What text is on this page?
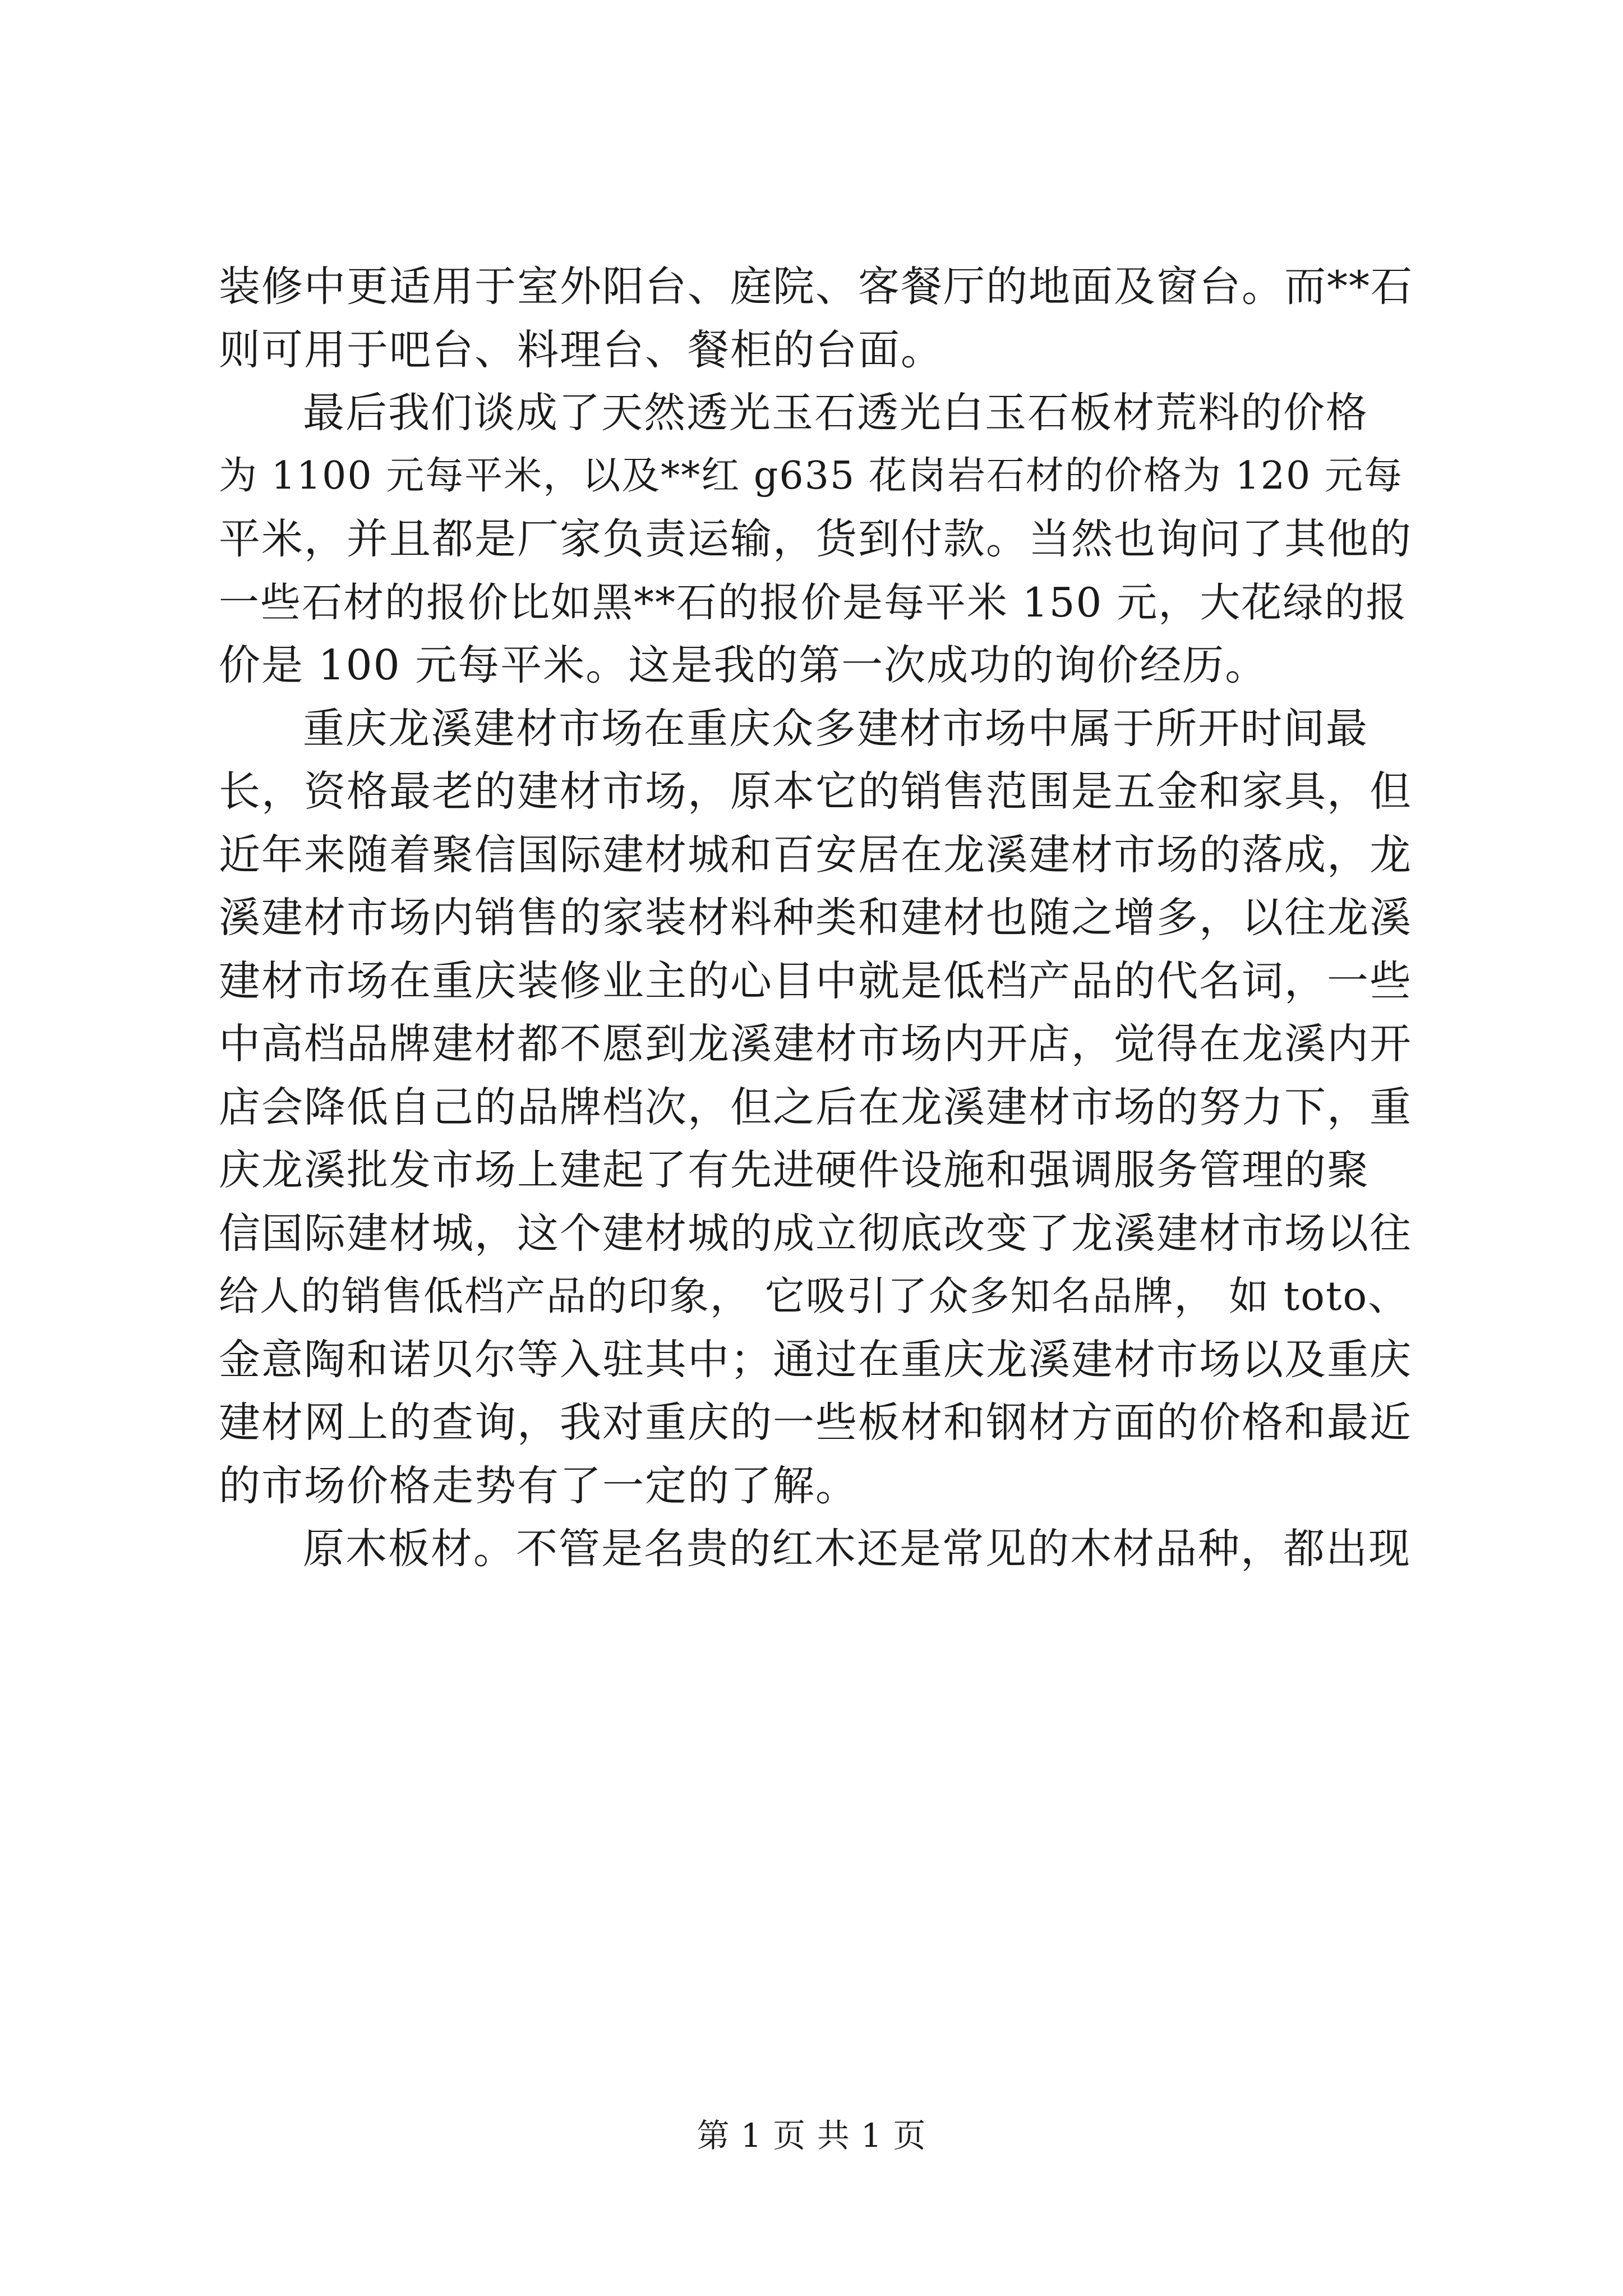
装修中更适用于室外阳台、庭院、客餐厅的地面及窗台。而**石
则可用于吧台、料理台、餐柜的台面。
最后我们谈成了天然透光玉石透光白玉石板材荒料的价格
为 1100 元每平米，以及**红 g635 花岗岩石材的价格为 120 元每
平米，并且都是厂家负责运输，货到付款。当然也询问了其他的
一些石材的报价比如黑**石的报价是每平米 150 元，大花绿的报
价是 100 元每平米。这是我的第一次成功的询价经历。
重庆龙溪建材市场在重庆众多建材市场中属于所开时间最
长，资格最老的建材市场，原本它的销售范围是五金和家具，但
近年来随着聚信国际建材城和百安居在龙溪建材市场的落成，龙
溪建材市场内销售的家装材料种类和建材也随之增多，以往龙溪
建材市场在重庆装修业主的心目中就是低档产品的代名词，一些
中高档品牌建材都不愿到龙溪建材市场内开店，觉得在龙溪内开
店会降低自己的品牌档次，但之后在龙溪建材市场的努力下，重
庆龙溪批发市场上建起了有先进硬件设施和强调服务管理的聚
信国际建材城，这个建材城的成立彻底改变了龙溪建材市场以往
给人的销售低档产品的印象， 它吸引了众多知名品牌， 如 toto、
金意陶和诺贝尔等入驻其中；通过在重庆龙溪建材市场以及重庆
建材网上的查询，我对重庆的一些板材和钢材方面的价格和最近
的市场价格走势有了一定的了解。
原木板材。不管是名贵的红木还是常见的木材品种，都出现
第 1 页 共 1 页
